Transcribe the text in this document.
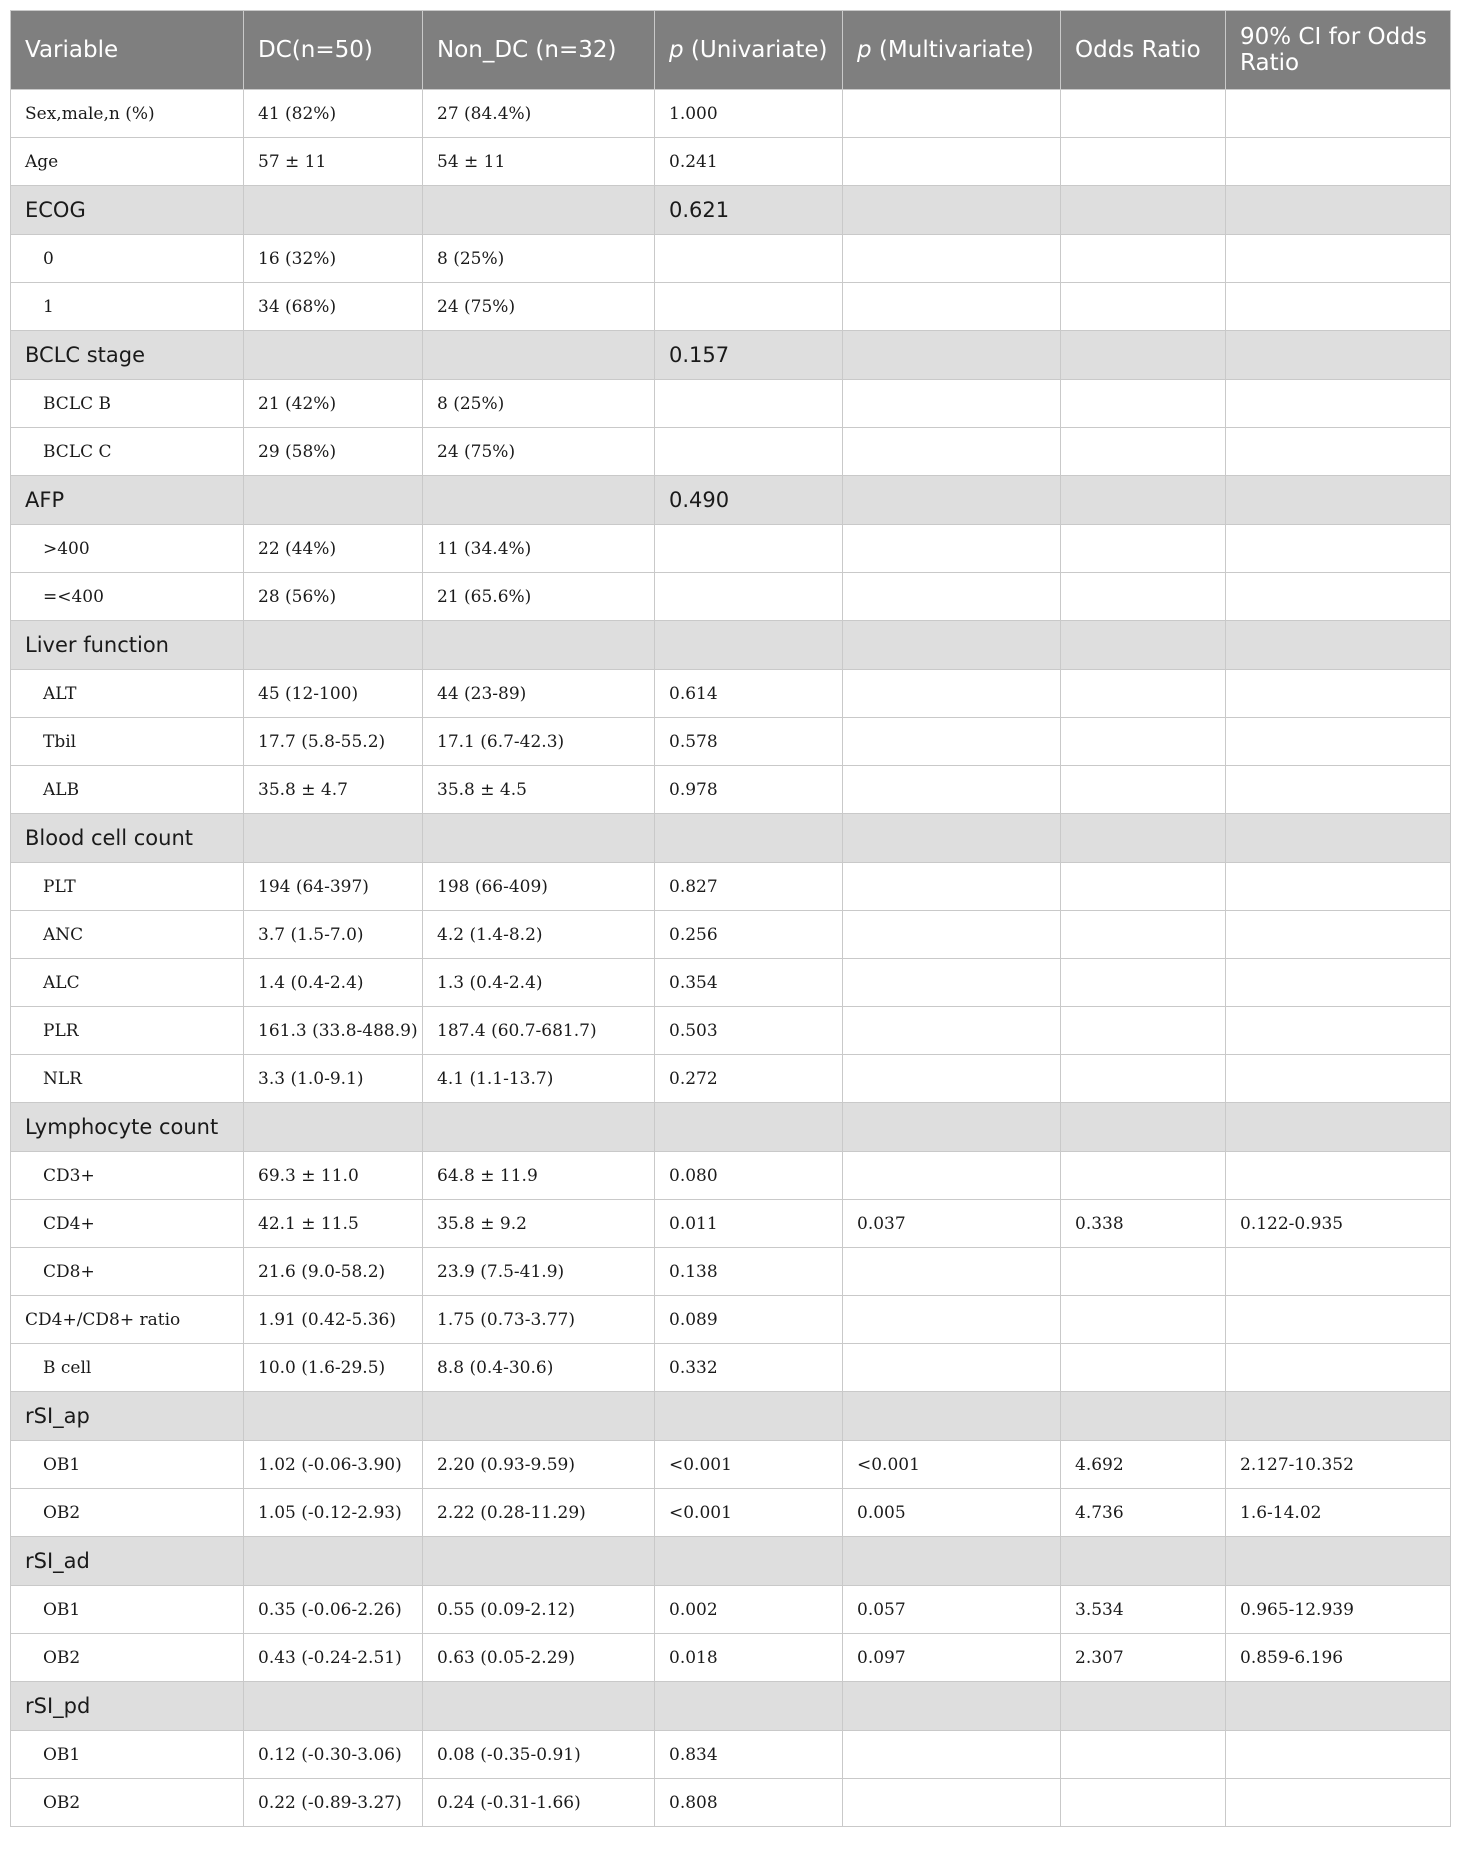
Variable	DC(n=50)	Non_DC (n=32)	p (Univariate)	p (Multivariate)	Odds Ratio	90% CI for Odds Ratio
Sex,male,n (%)	41 (82%)	27 (84.4%)	1.000			
Age	57 ± 11	54 ± 11	0.241			
ECOG			0.621			
0	16 (32%)	8 (25%)				
1	34 (68%)	24 (75%)				
BCLC stage			0.157			
BCLC B	21 (42%)	8 (25%)				
BCLC C	29 (58%)	24 (75%)				
AFP			0.490			
>400	22 (44%)	11 (34.4%)				
=<400	28 (56%)	21 (65.6%)				
Liver function						
ALT	45 (12-100)	44 (23-89)	0.614			
Tbil	17.7 (5.8-55.2)	17.1 (6.7-42.3)	0.578			
ALB	35.8 ± 4.7	35.8 ± 4.5	0.978			
Blood cell count						
PLT	194 (64-397)	198 (66-409)	0.827			
ANC	3.7 (1.5-7.0)	4.2 (1.4-8.2)	0.256			
ALC	1.4 (0.4-2.4)	1.3 (0.4-2.4)	0.354			
PLR	161.3 (33.8-488.9)	187.4 (60.7-681.7)	0.503			
NLR	3.3 (1.0-9.1)	4.1 (1.1-13.7)	0.272			
Lymphocyte count						
CD3+	69.3 ± 11.0	64.8 ± 11.9	0.080			
CD4+	42.1 ± 11.5	35.8 ± 9.2	0.011	0.037	0.338	0.122-0.935
CD8+	21.6 (9.0-58.2)	23.9 (7.5-41.9)	0.138			
CD4+/CD8+ ratio	1.91 (0.42-5.36)	1.75 (0.73-3.77)	0.089			
B cell	10.0 (1.6-29.5)	8.8 (0.4-30.6)	0.332			
rSI_ap						
OB1	1.02 (-0.06-3.90)	2.20 (0.93-9.59)	<0.001	<0.001	4.692	2.127-10.352
OB2	1.05 (-0.12-2.93)	2.22 (0.28-11.29)	<0.001	0.005	4.736	1.6-14.02
rSI_ad						
OB1	0.35 (-0.06-2.26)	0.55 (0.09-2.12)	0.002	0.057	3.534	0.965-12.939
OB2	0.43 (-0.24-2.51)	0.63 (0.05-2.29)	0.018	0.097	2.307	0.859-6.196
rSI_pd						
OB1	0.12 (-0.30-3.06)	0.08 (-0.35-0.91)	0.834			
OB2	0.22 (-0.89-3.27)	0.24 (-0.31-1.66)	0.808			
